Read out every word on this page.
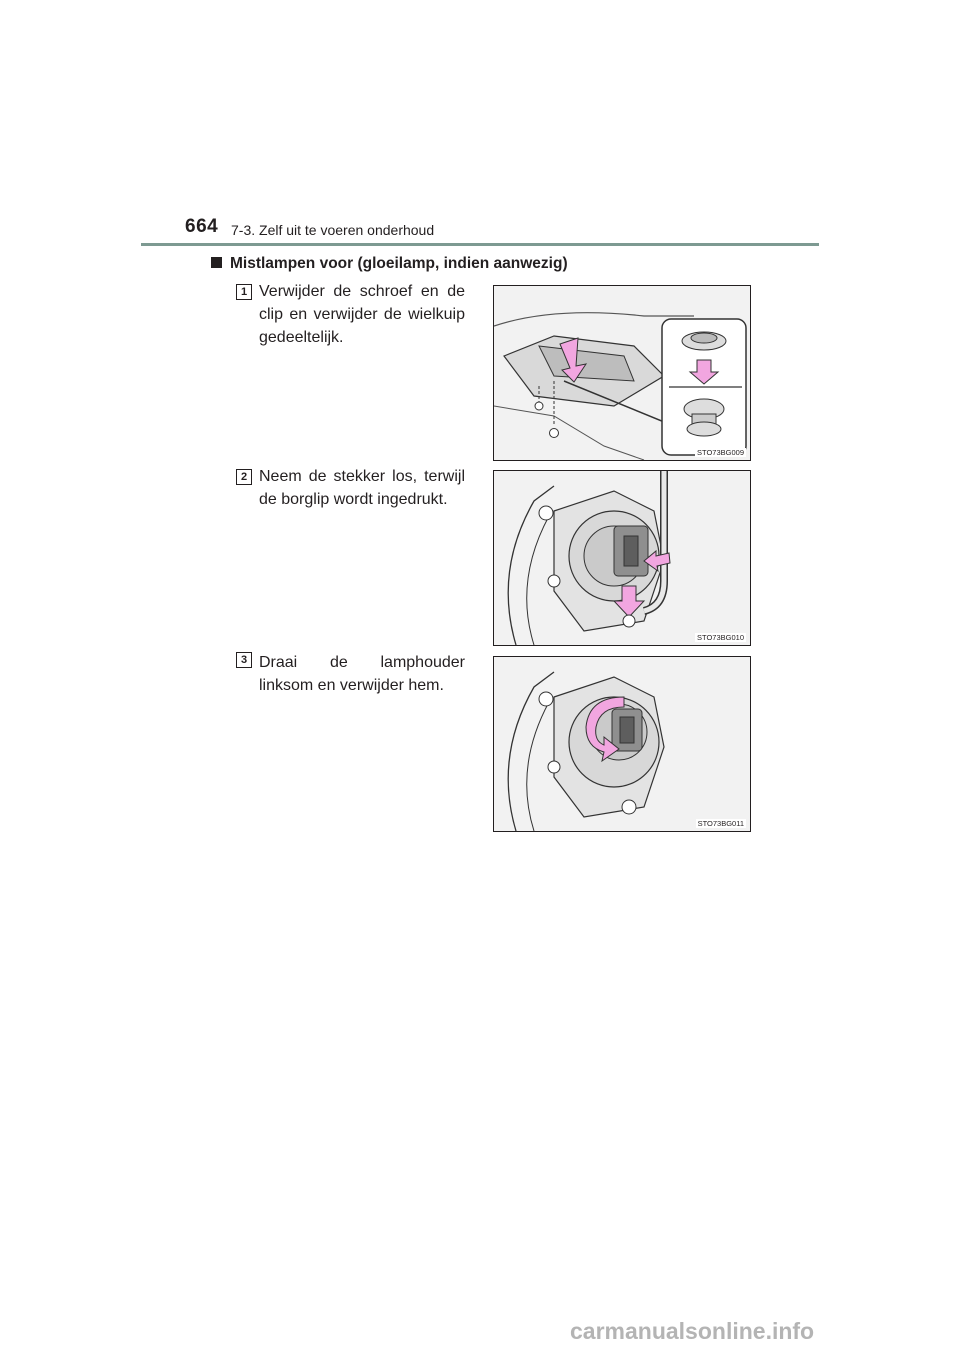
664 7-3. Zelf uit te voeren onderhoud
Mistlampen voor (gloeilamp, indien aanwezig)
1 Verwijder de schroef en de clip en verwijder de wielkuip gedeeltelijk.
STO73BG009
2 Neem de stekker los, terwijl de borglip wordt ingedrukt.
STO73BG010
3 Draai de lamphouder linksom en verwijder hem.
STO73BG011
carmanualsonline.info
